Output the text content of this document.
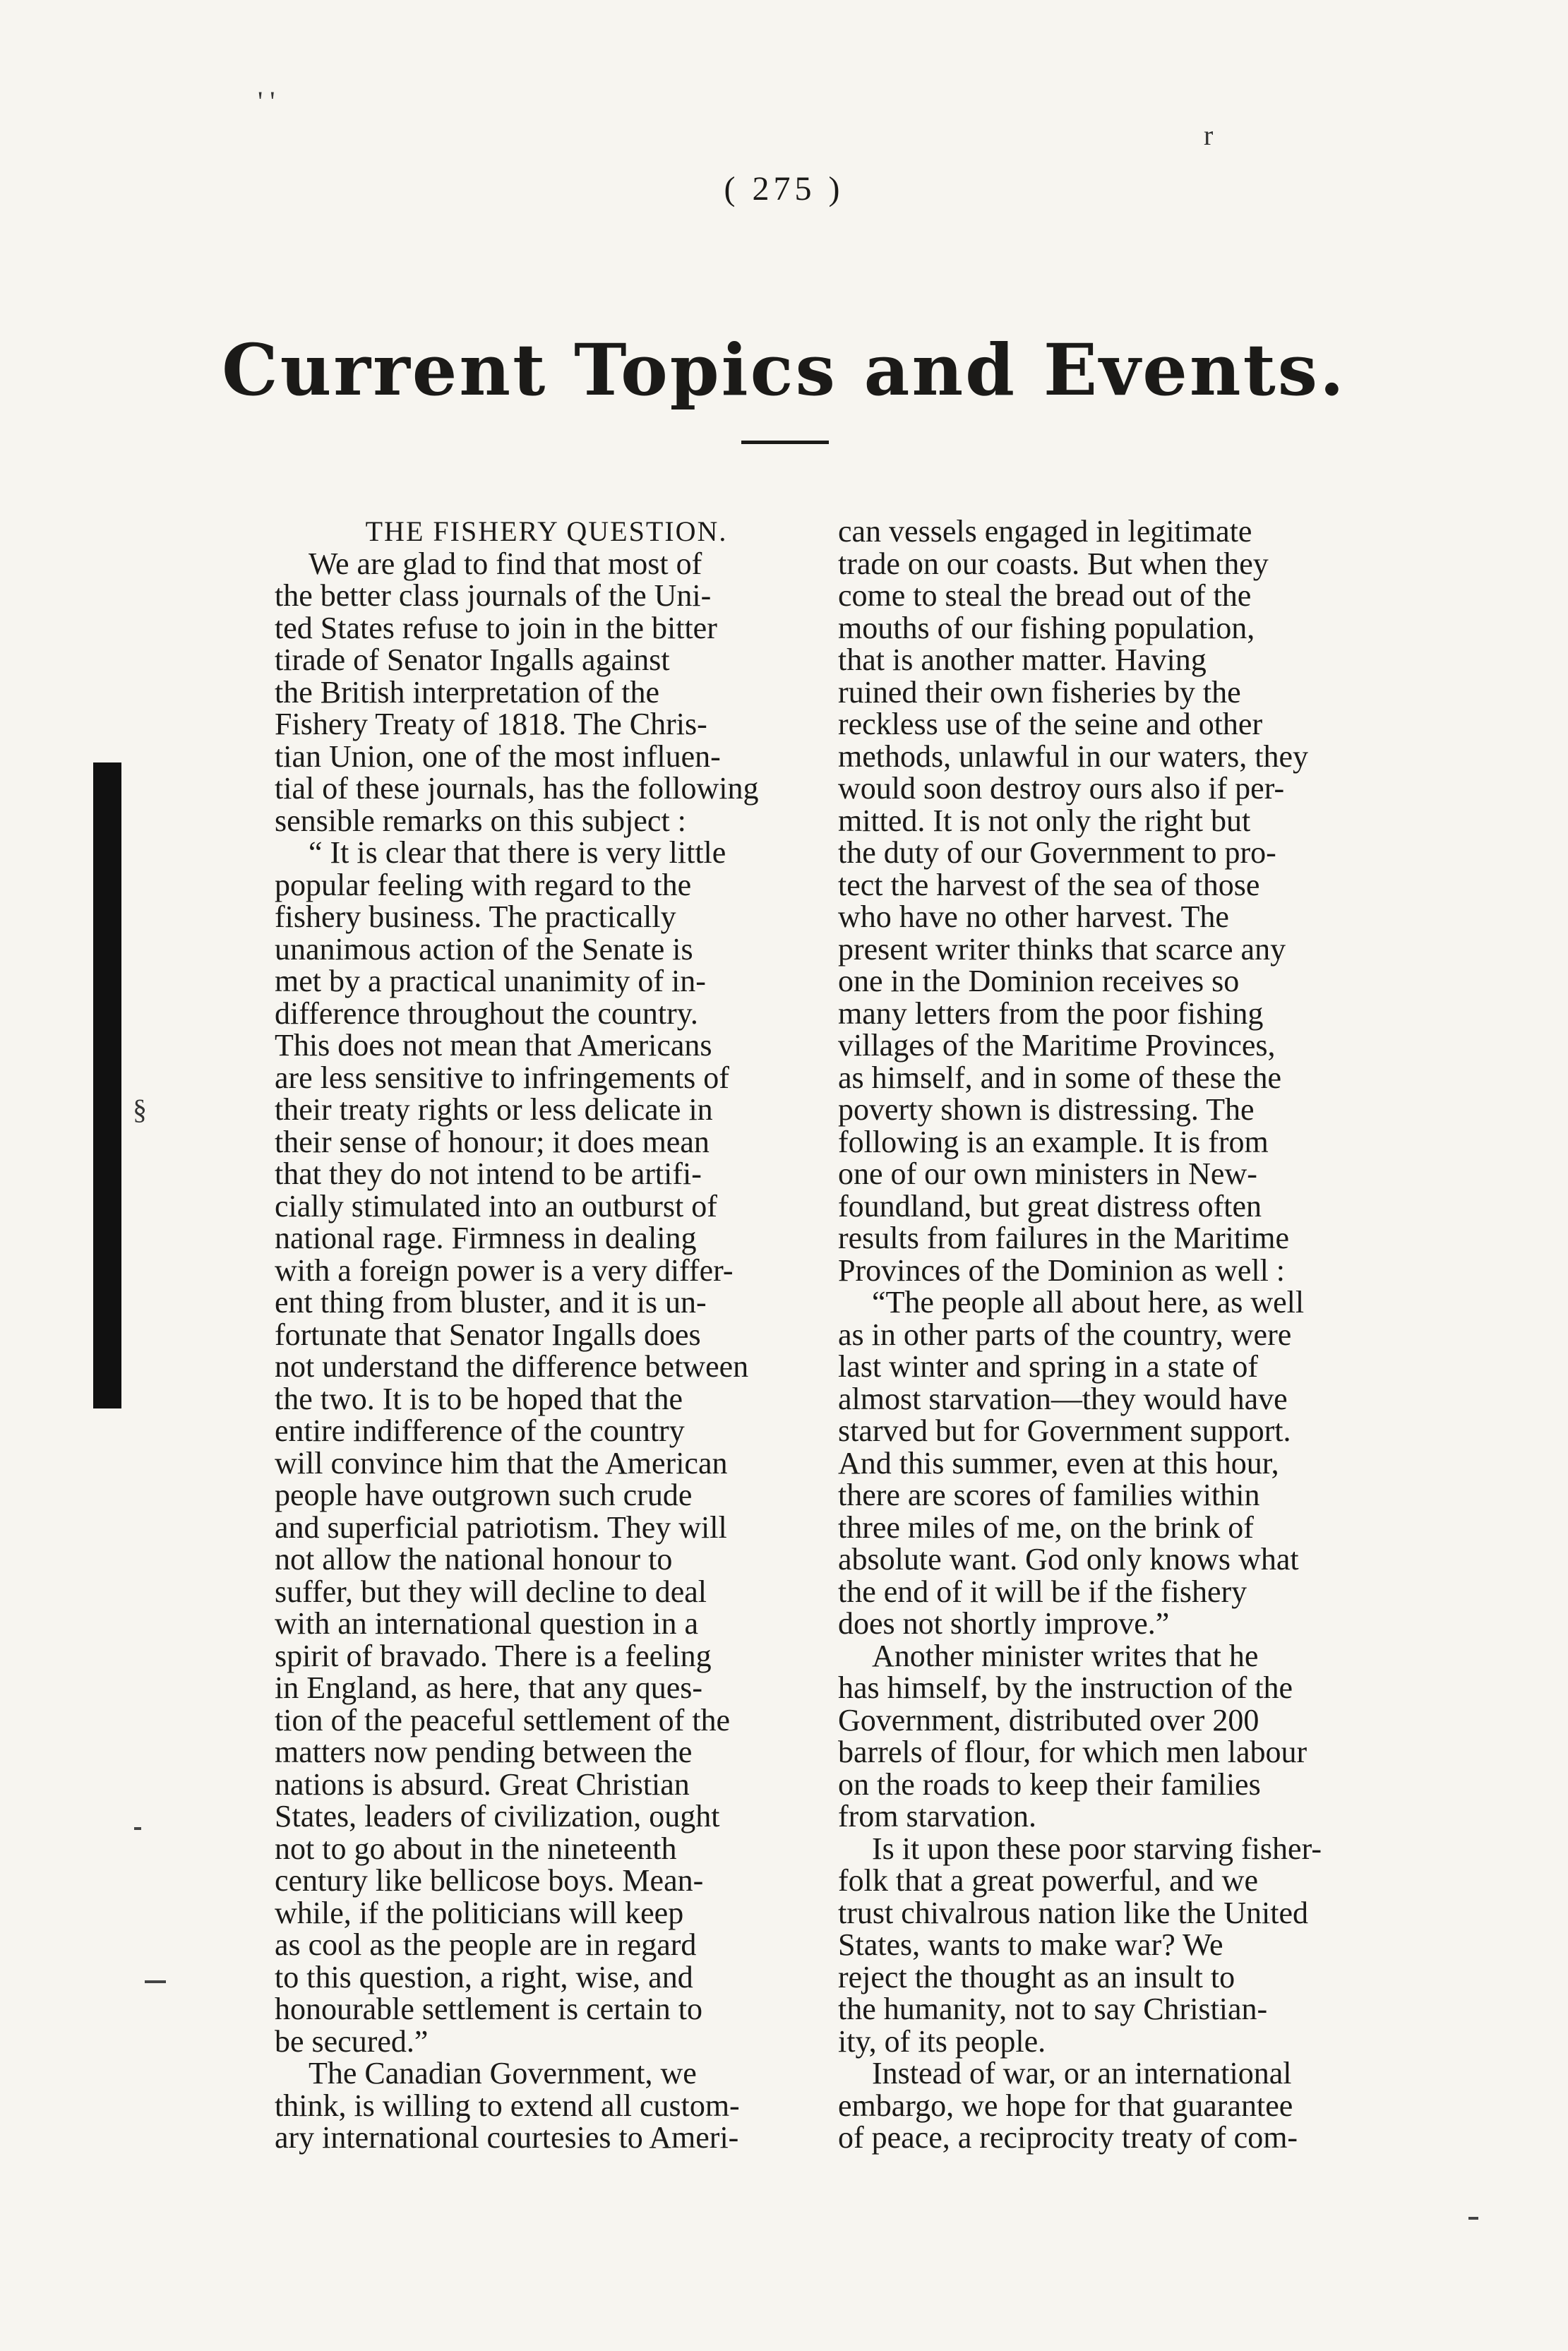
( 275 )
Current Topics and Events.
' '
r
§
THE FISHERY QUESTION.
We are glad to find that most of
the better class journals of the Uni-
ted States refuse to join in the bitter
tirade of Senator Ingalls against
the British interpretation of the
Fishery Treaty of 1818. The Chris-
tian Union, one of the most influen-
tial of these journals, has the following
sensible remarks on this subject :
“ It is clear that there is very little
popular feeling with regard to the
fishery business. The practically
unanimous action of the Senate is
met by a practical unanimity of in-
difference throughout the country.
This does not mean that Americans
are less sensitive to infringements of
their treaty rights or less delicate in
their sense of honour; it does mean
that they do not intend to be artifi-
cially stimulated into an outburst of
national rage. Firmness in dealing
with a foreign power is a very differ-
ent thing from bluster, and it is un-
fortunate that Senator Ingalls does
not understand the difference between
the two. It is to be hoped that the
entire indifference of the country
will convince him that the American
people have outgrown such crude
and superficial patriotism. They will
not allow the national honour to
suffer, but they will decline to deal
with an international question in a
spirit of bravado. There is a feeling
in England, as here, that any ques-
tion of the peaceful settlement of the
matters now pending between the
nations is absurd. Great Christian
States, leaders of civilization, ought
not to go about in the nineteenth
century like bellicose boys. Mean-
while, if the politicians will keep
as cool as the people are in regard
to this question, a right, wise, and
honourable settlement is certain to
be secured.”
The Canadian Government, we
think, is willing to extend all custom-
ary international courtesies to Ameri-
can vessels engaged in legitimate
trade on our coasts. But when they
come to steal the bread out of the
mouths of our fishing population,
that is another matter. Having
ruined their own fisheries by the
reckless use of the seine and other
methods, unlawful in our waters, they
would soon destroy ours also if per-
mitted. It is not only the right but
the duty of our Government to pro-
tect the harvest of the sea of those
who have no other harvest. The
present writer thinks that scarce any
one in the Dominion receives so
many letters from the poor fishing
villages of the Maritime Provinces,
as himself, and in some of these the
poverty shown is distressing. The
following is an example. It is from
one of our own ministers in New-
foundland, but great distress often
results from failures in the Maritime
Provinces of the Dominion as well :
“The people all about here, as well
as in other parts of the country, were
last winter and spring in a state of
almost starvation—they would have
starved but for Government support.
And this summer, even at this hour,
there are scores of families within
three miles of me, on the brink of
absolute want. God only knows what
the end of it will be if the fishery
does not shortly improve.”
Another minister writes that he
has himself, by the instruction of the
Government, distributed over 200
barrels of flour, for which men labour
on the roads to keep their families
from starvation.
Is it upon these poor starving fisher-
folk that a great powerful, and we
trust chivalrous nation like the United
States, wants to make war? We
reject the thought as an insult to
the humanity, not to say Christian-
ity, of its people.
Instead of war, or an international
embargo, we hope for that guarantee
of peace, a reciprocity treaty of com-
